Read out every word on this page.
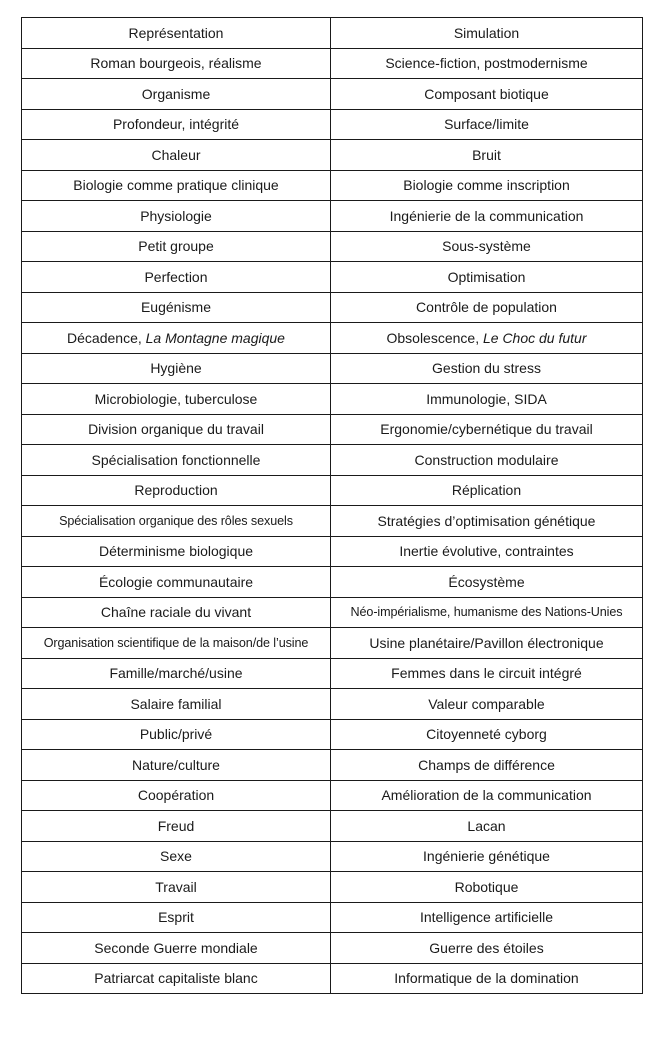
Représentation	Simulation
Roman bourgeois, réalisme	Science-fiction, postmodernisme
Organisme	Composant biotique
Profondeur, intégrité	Surface/limite
Chaleur	Bruit
Biologie comme pratique clinique	Biologie comme inscription
Physiologie	Ingénierie de la communication
Petit groupe	Sous-système
Perfection	Optimisation
Eugénisme	Contrôle de population
Décadence, La Montagne magique	Obsolescence, Le Choc du futur
Hygiène	Gestion du stress
Microbiologie, tuberculose	Immunologie, SIDA
Division organique du travail	Ergonomie/cybernétique du travail
Spécialisation fonctionnelle	Construction modulaire
Reproduction	Réplication
Spécialisation organique des rôles sexuels	Stratégies d’optimisation génétique
Déterminisme biologique	Inertie évolutive, contraintes
Écologie communautaire	Écosystème
Chaîne raciale du vivant	Néo-impérialisme, humanisme des Nations-Unies
Organisation scientifique de la maison/de l’usine	Usine planétaire/Pavillon électronique
Famille/marché/usine	Femmes dans le circuit intégré
Salaire familial	Valeur comparable
Public/privé	Citoyenneté cyborg
Nature/culture	Champs de différence
Coopération	Amélioration de la communication
Freud	Lacan
Sexe	Ingénierie génétique
Travail	Robotique
Esprit	Intelligence artificielle
Seconde Guerre mondiale	Guerre des étoiles
Patriarcat capitaliste blanc	Informatique de la domination
